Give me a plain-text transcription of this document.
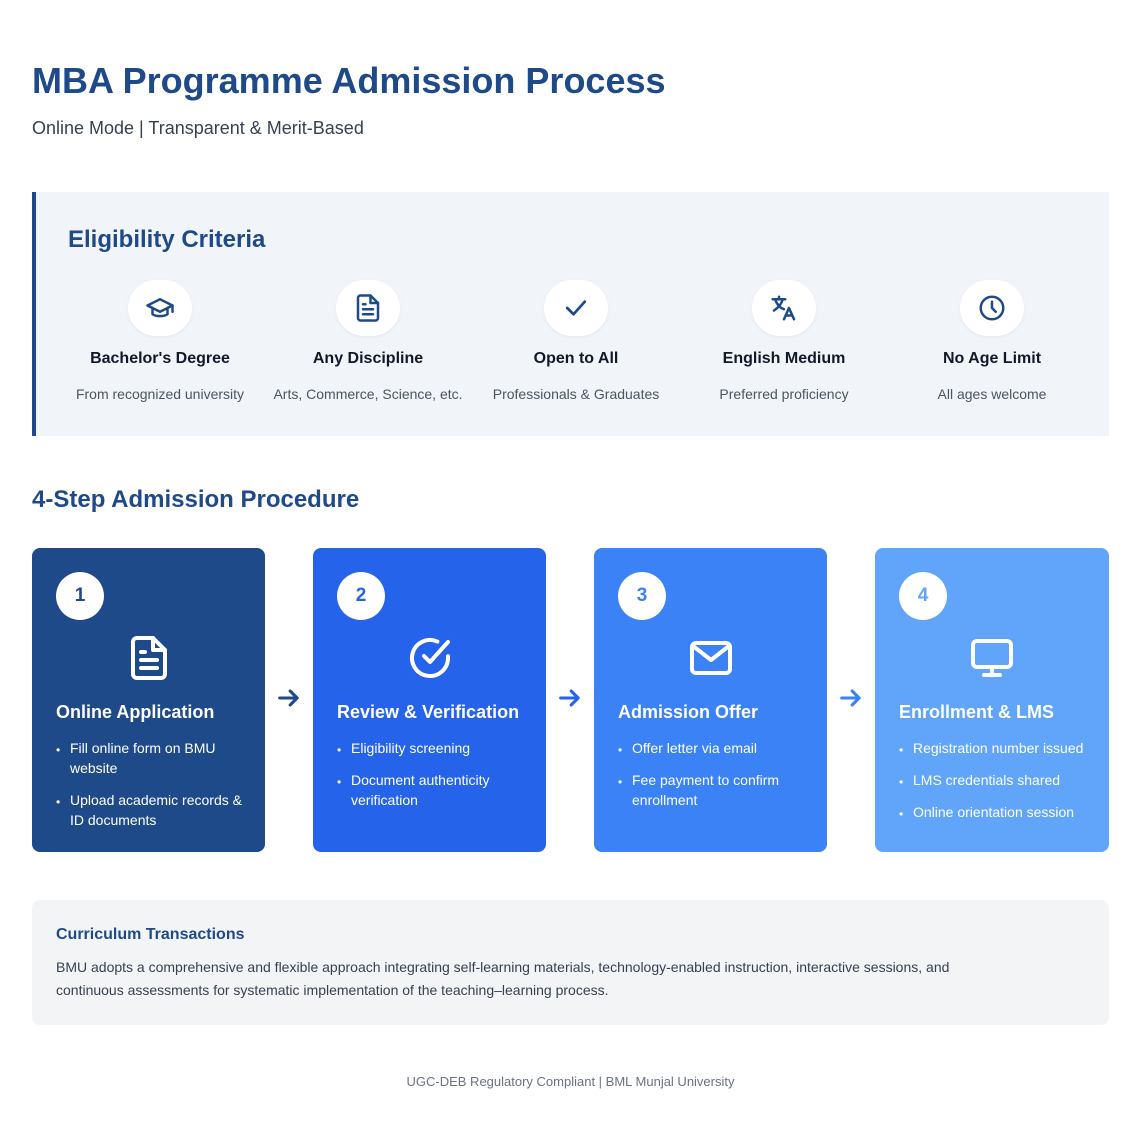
MBA Programme Admission Process

Online Mode | Transparent & Merit-Based

Eligibility Criteria
Bachelor's Degree
From recognized university
Any Discipline
Arts, Commerce, Science, etc.
Open to All
Professionals & Graduates
English Medium
Preferred proficiency
No Age Limit
All ages welcome
4-Step Admission Procedure
1
Online Application
• Fill online form on BMU website
• Upload academic records & ID documents
2
Review & Verification
• Eligibility screening
• Document authenticity verification
3
Admission Offer
• Offer letter via email
• Fee payment to confirm enrollment
4
Enrollment & LMS
• Registration number issued
• LMS credentials shared
• Online orientation session
Curriculum Transactions

BMU adopts a comprehensive and flexible approach integrating self-learning materials, technology-enabled instruction, interactive sessions, and continuous assessments for systematic implementation of the teaching–learning process.

UGC-DEB Regulatory Compliant | BML Munjal University
